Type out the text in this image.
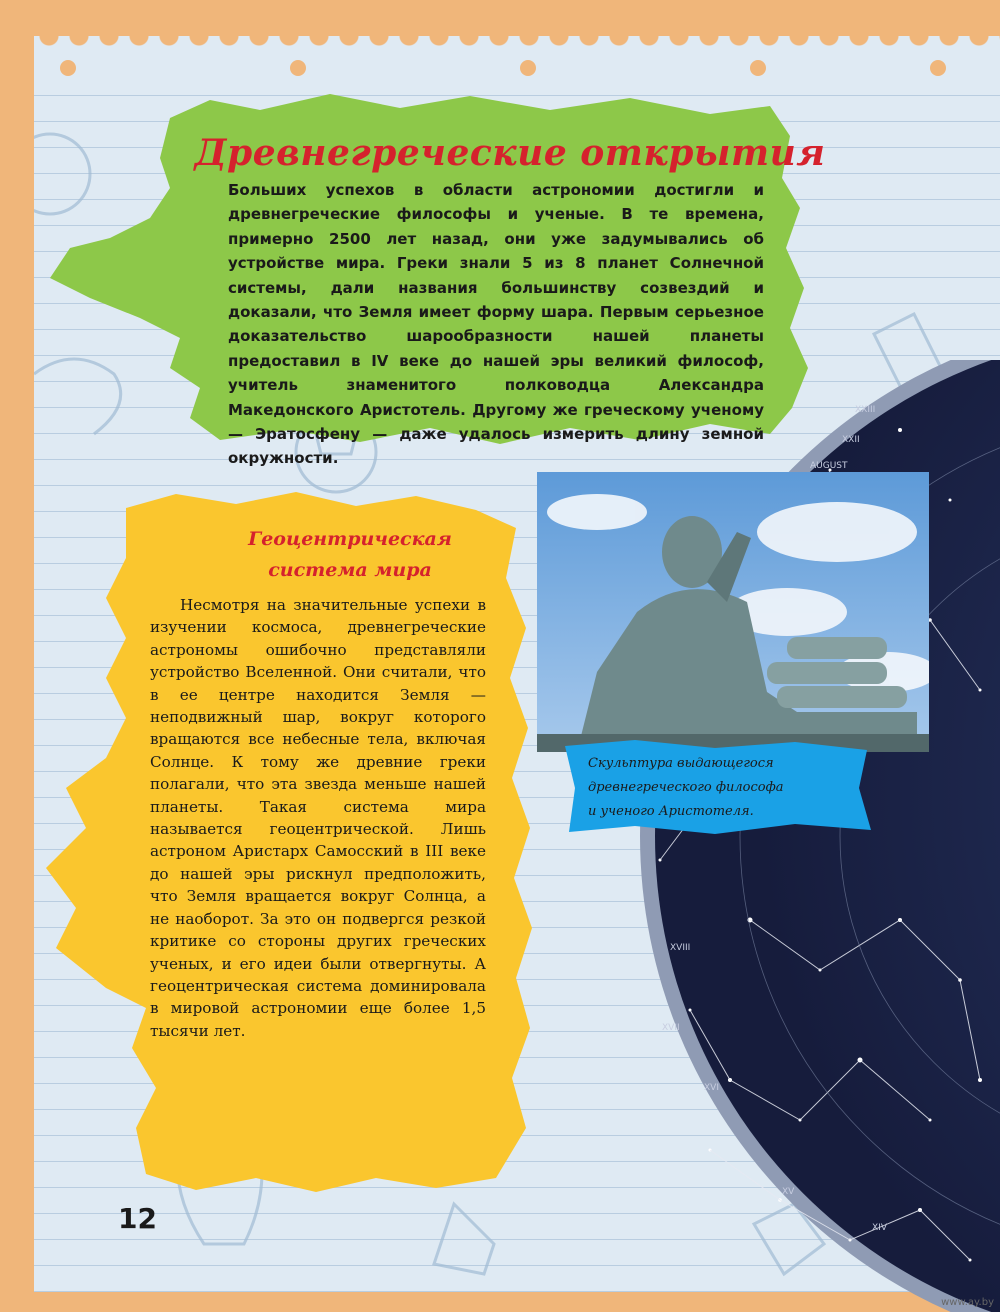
AUGUST
XXIII
XXII
XVIII
XVII
XVI
XV
XIV
Древнегреческие открытия

Больших успехов в области астрономии достигли и древнегреческие философы и ученые. В те времена, примерно 2500 лет назад, они уже задумывались об устройстве мира. Греки знали 5 из 8 планет Солнечной системы, дали названия большинству созвездий и доказали, что Земля имеет форму шара. Первым серьезное доказательство шарообразности нашей планеты предоставил в IV веке до нашей эры великий философ, учитель знаменитого полководца Александра Македонского Аристотель. Другому же греческому ученому — Эратосфену — даже удалось измерить длину земной окружности.

Геоцентрическая
система мира

Несмотря на значительные успехи в изучении космоса, древнегреческие астрономы ошибочно представляли устройство Вселенной. Они считали, что в ее центре находится Земля — неподвижный шар, вокруг которого вращаются все небесные тела, включая Солнце. К тому же древние греки полагали, что эта звезда меньше нашей планеты. Такая система мира называется геоцентрической. Лишь астроном Аристарх Самосский в III веке до нашей эры рискнул предположить, что Земля вращается вокруг Солнца, а не наоборот. За это он подвергся резкой критике со стороны других греческих ученых, и его идеи были отвергнуты. А геоцентрическая система доминировала в мировой астрономии еще более 1,5 тысячи лет.

Скульптура выдающегося
древнегреческого философа
и ученого Аристотеля.

12

www.ay.by
